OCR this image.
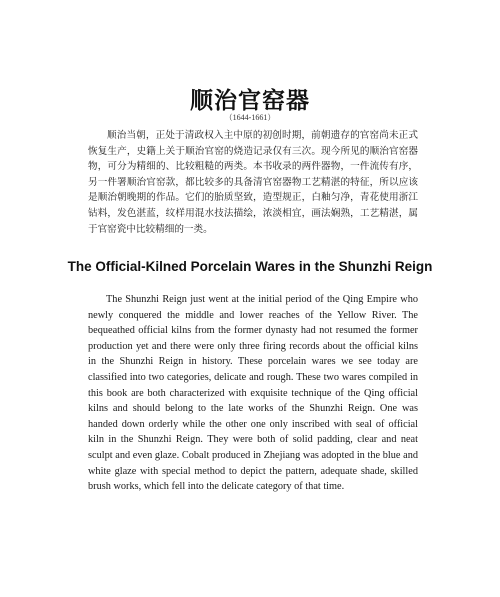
顺治官窑器
（1644-1661）

顺治当朝，正处于清政权入主中原的初创时期，前朝遗存的官窑尚未正式恢复生产，史籍上关于顺治官窑的烧造记录仅有三次。现今所见的顺治官窑器物，可分为精细的、比较粗糙的两类。本书收录的两件器物，一件流传有序，另一件署顺治官窑款，都比较多的具备清官窑器物工艺精湛的特征，所以应该是顺治朝晚期的作品。它们的胎质坚致，造型规正，白釉匀净，青花使用浙江钴料，发色湛蓝，纹样用混水技法描绘，浓淡相宜，画法娴熟，工艺精湛，属于官窑瓷中比较精细的一类。

The Official-Kilned Porcelain Wares in the Shunzhi Reign

The Shunzhi Reign just went at the initial period of the Qing Empire who newly conquered the middle and lower reaches of the Yellow River. The bequeathed official kilns from the former dynasty had not resumed the former production yet and there were only three firing records about the official kilns in the Shunzhi Reign in history. These porcelain wares we see today are classified into two categories, delicate and rough. These two wares compiled in this book are both characterized with exquisite technique of the Qing official kilns and should belong to the late works of the Shunzhi Reign. One was handed down orderly while the other one only inscribed with seal of official kiln in the Shunzhi Reign. They were both of solid padding, clear and neat sculpt and even glaze. Cobalt produced in Zhejiang was adopted in the blue and white glaze with special method to depict the pattern, adequate shade, skilled brush works, which fell into the delicate category of that time.
